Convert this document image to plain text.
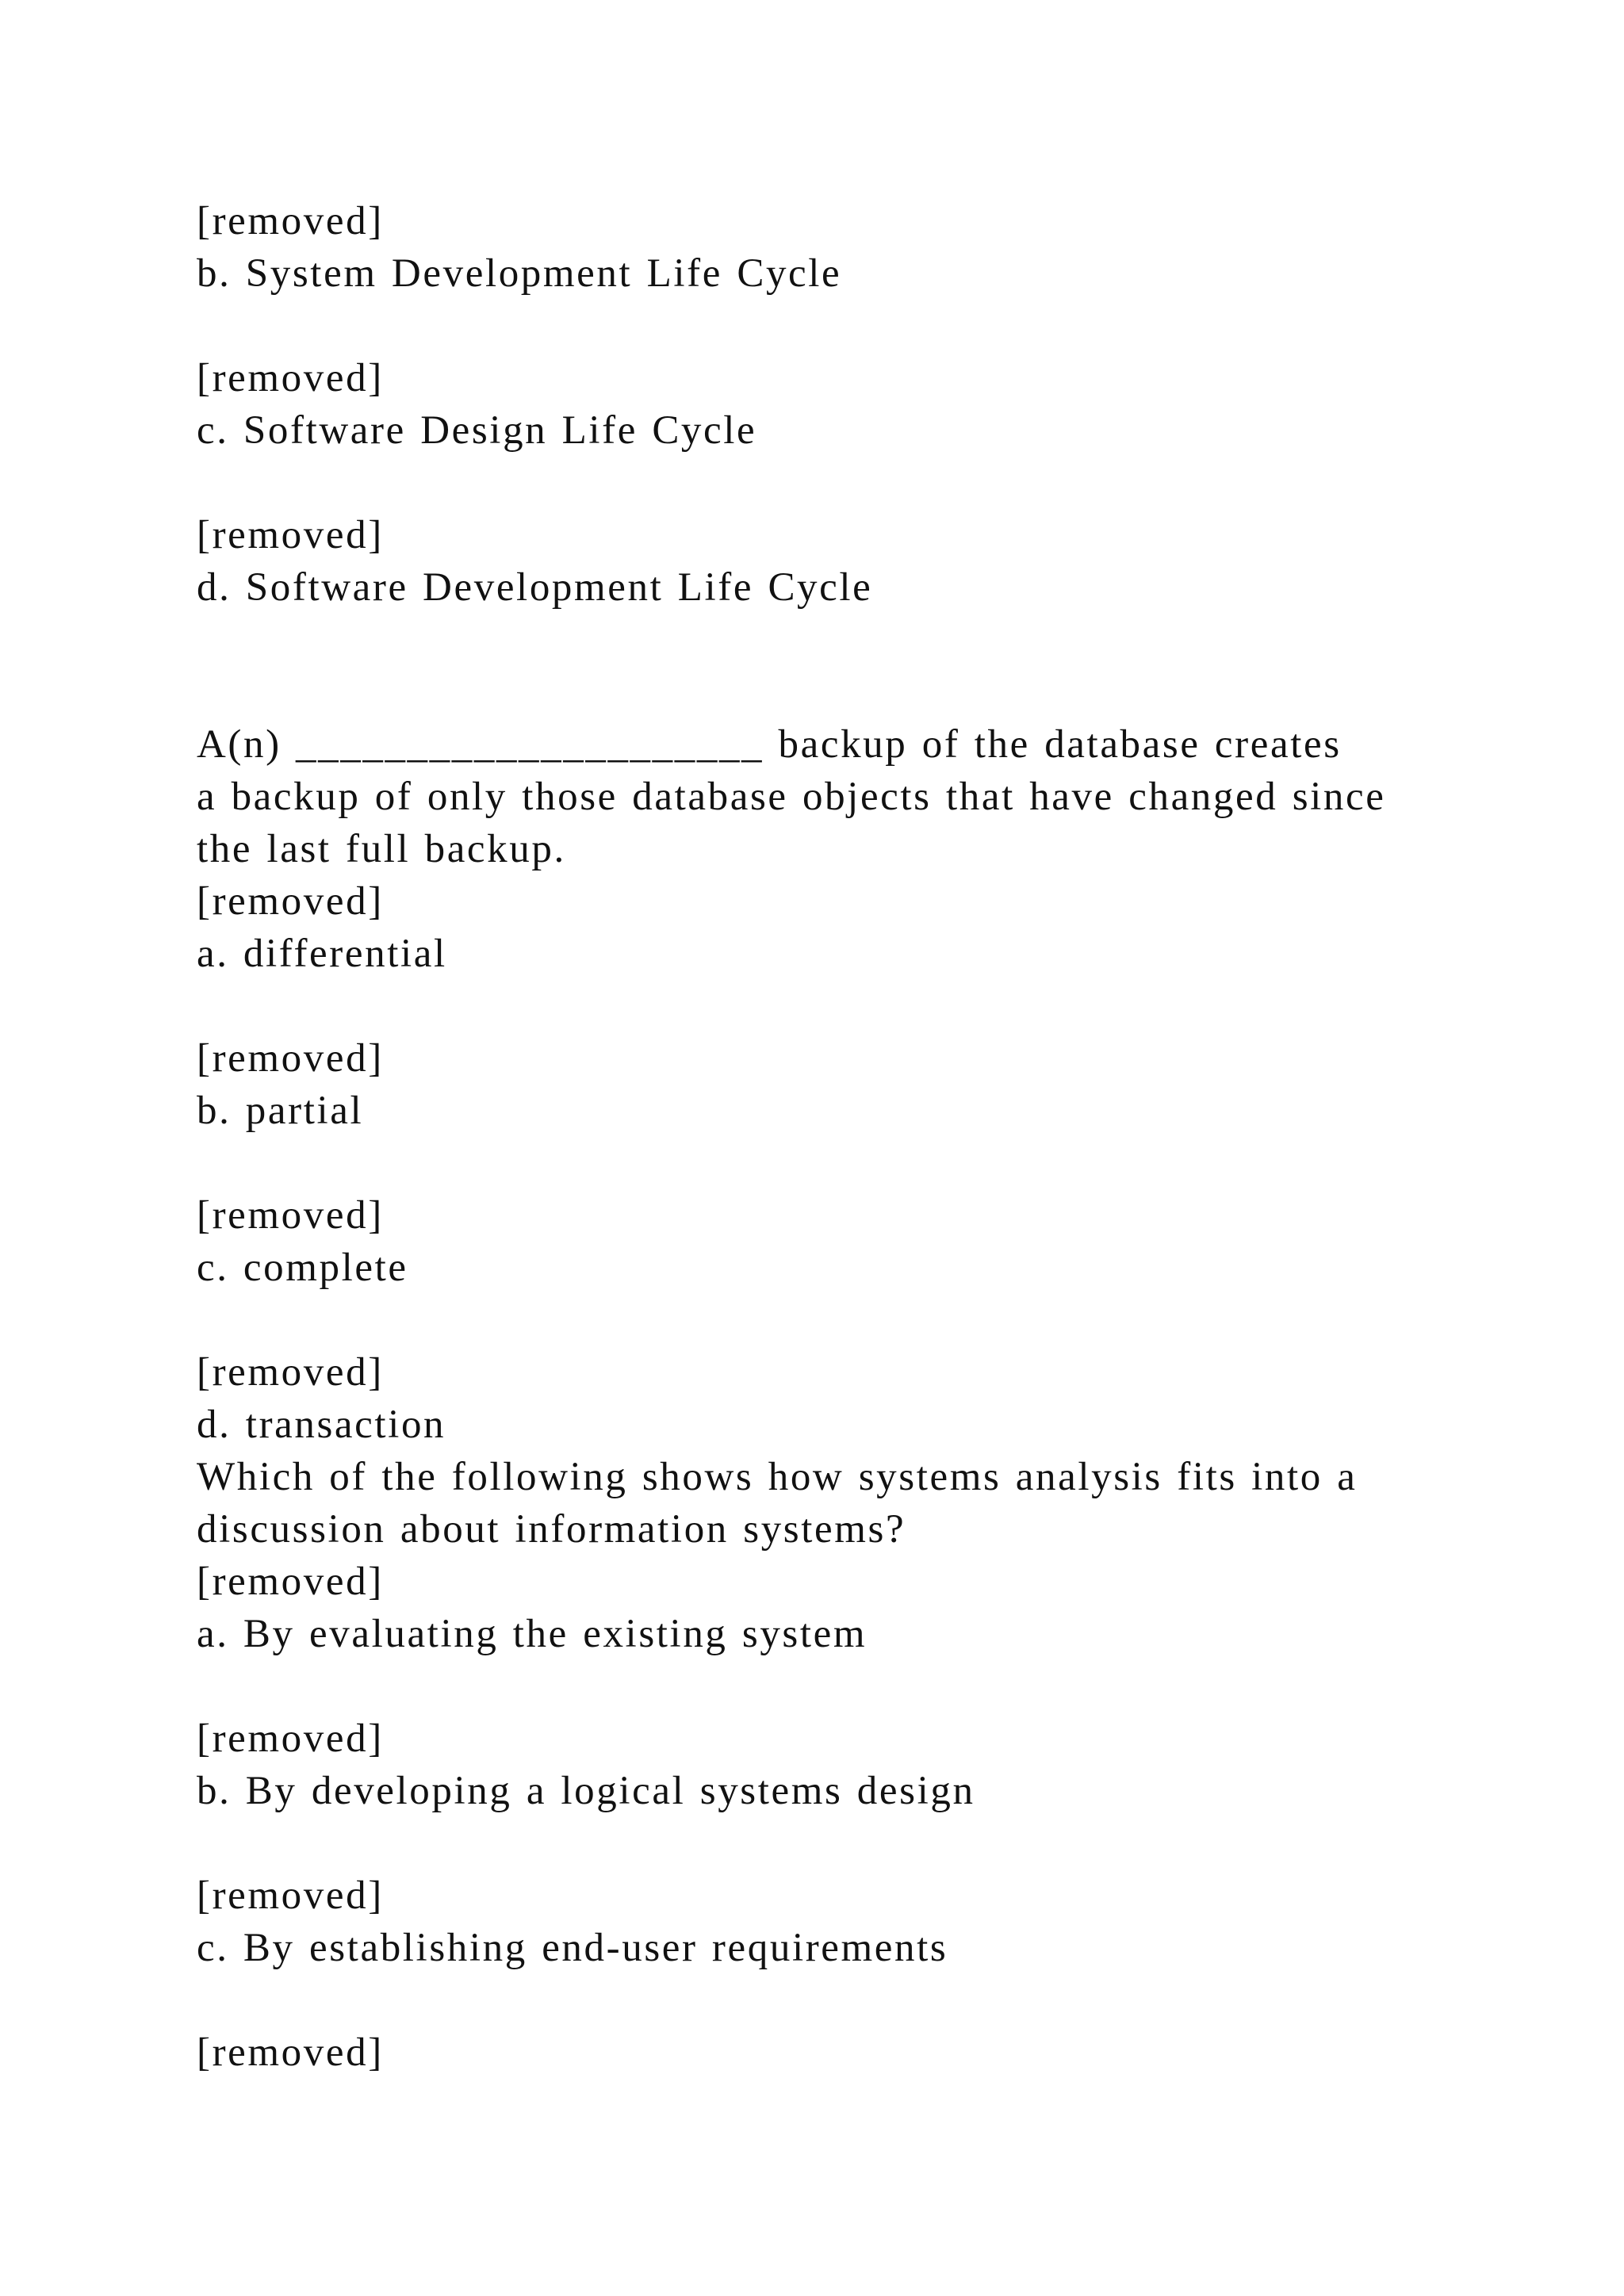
[removed]
b. System Development Life Cycle
[removed]
c. Software Design Life Cycle
[removed]
d. Software Development Life Cycle
A(n) _____________________ backup of the database creates
a backup of only those database objects that have changed since
the last full backup.
[removed]
a. differential
[removed]
b. partial
[removed]
c. complete
[removed]
d. transaction
Which of the following shows how systems analysis fits into a
discussion about information systems?
[removed]
a. By evaluating the existing system
[removed]
b. By developing a logical systems design
[removed]
c. By establishing end-user requirements
[removed]
